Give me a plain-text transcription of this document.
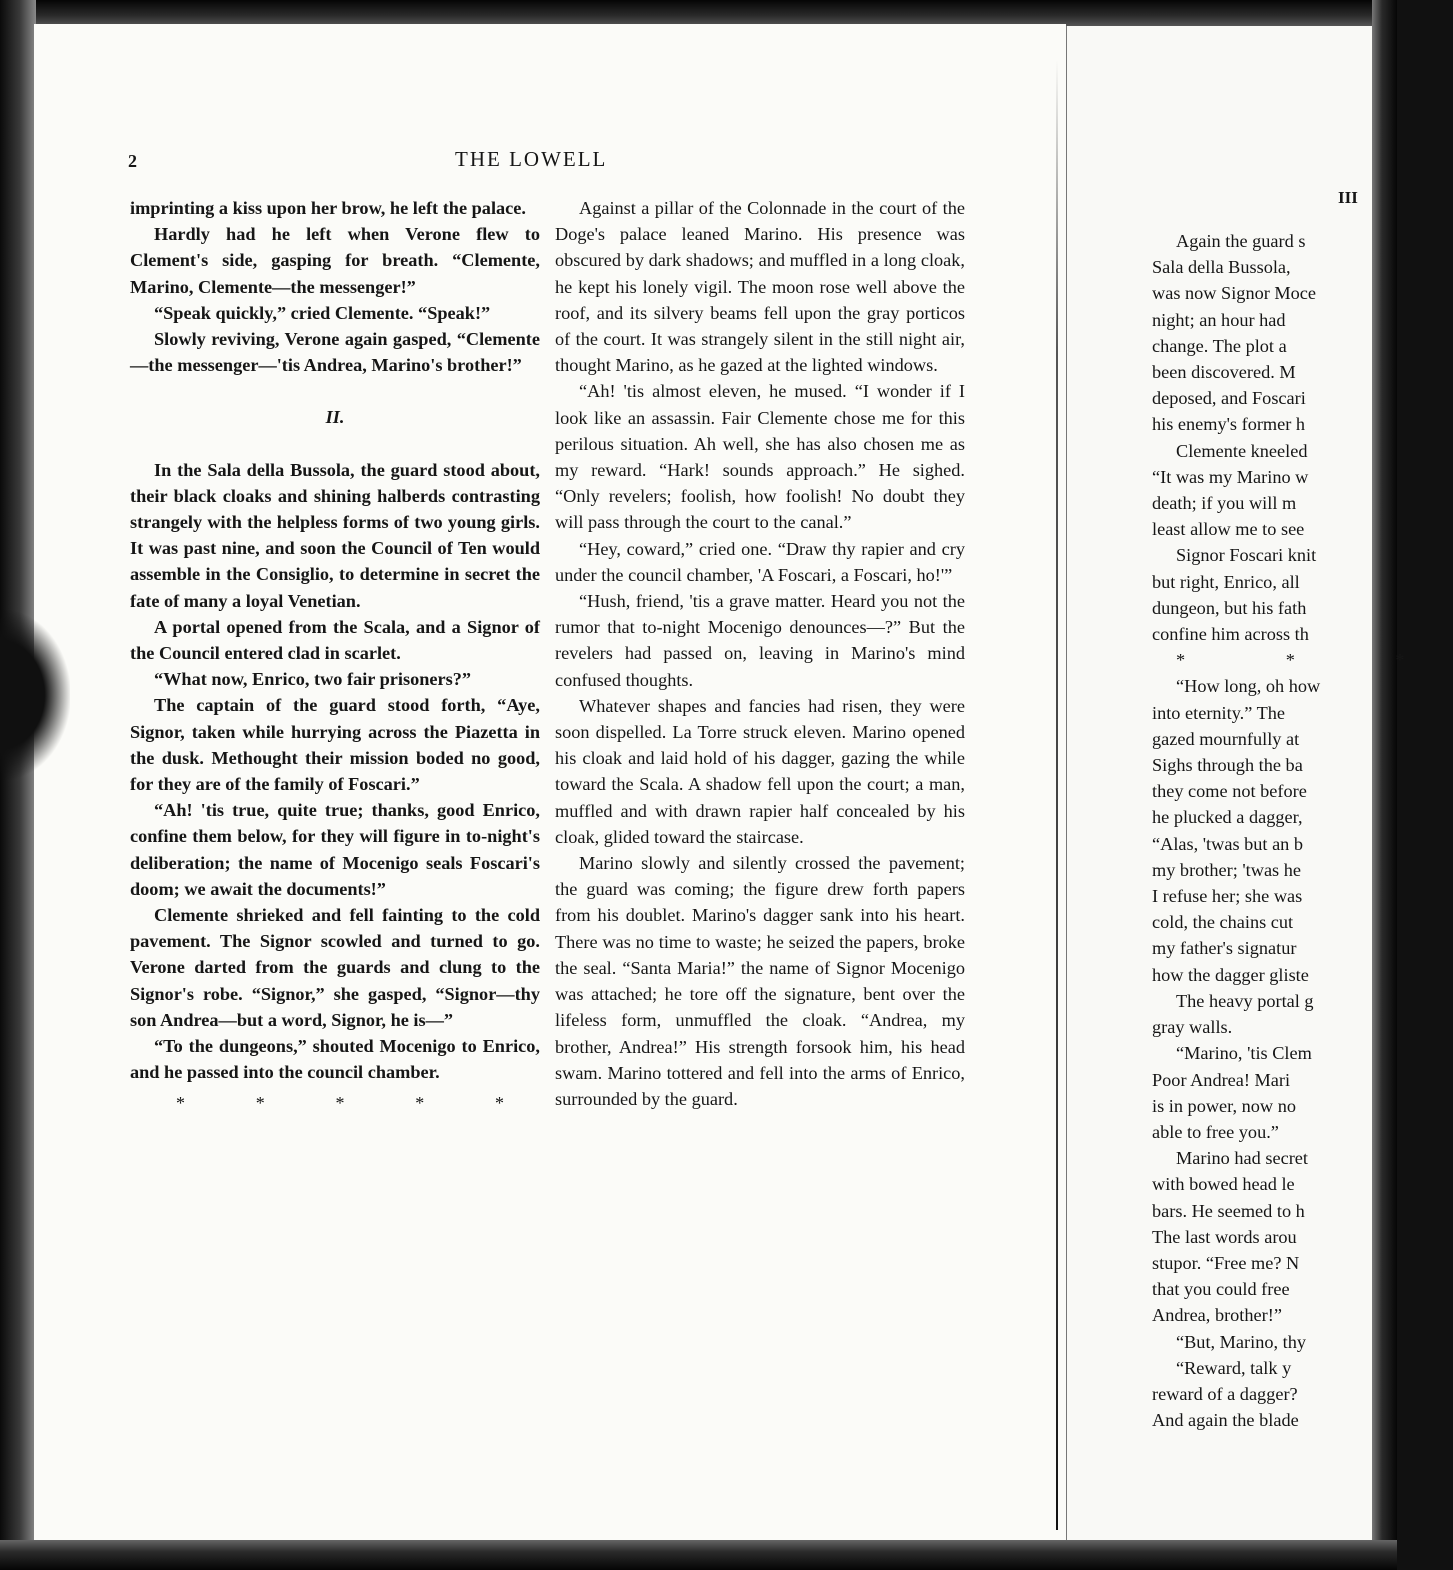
2	THE LOWELL

imprinting a kiss upon her brow, he left the palace.

Hardly had he left when Verone flew to Clement's side, gasping for breath. “Clemente, Marino, Clemente—the messenger!”

“Speak quickly,” cried Clemente. “Speak!”

Slowly reviving, Verone again gasped, “Clemente—the messenger—'tis Andrea, Marino's brother!”

II.

In the Sala della Bussola, the guard stood about, their black cloaks and shining halberds contrasting strangely with the helpless forms of two young girls. It was past nine, and soon the Council of Ten would assemble in the Consiglio, to determine in secret the fate of many a loyal Venetian.

A portal opened from the Scala, and a Signor of the Council entered clad in scarlet.

“What now, Enrico, two fair prisoners?”

The captain of the guard stood forth, “Aye, Signor, taken while hurrying across the Piazetta in the dusk. Methought their mission boded no good, for they are of the family of Foscari.”

“Ah! 'tis true, quite true; thanks, good Enrico, confine them below, for they will figure in to-night's deliberation; the name of Mocenigo seals Foscari's doom; we await the documents!”

Clemente shrieked and fell fainting to the cold pavement. The Signor scowled and turned to go. Verone darted from the guards and clung to the Signor's robe. “Signor,” she gasped, “Signor—thy son Andrea—but a word, Signor, he is—”

“To the dungeons,” shouted Mocenigo to Enrico, and he passed into the council chamber.

*	*	*	*	*

Against a pillar of the Colonnade in the court of the Doge's palace leaned Marino. His presence was obscured by dark shadows; and muffled in a long cloak, he kept his lonely vigil. The moon rose well above the roof, and its silvery beams fell upon the gray porticos of the court. It was strangely silent in the still night air, thought Marino, as he gazed at the lighted windows.

“Ah! 'tis almost eleven, he mused. “I wonder if I look like an assassin. Fair Clemente chose me for this perilous situation. Ah well, she has also chosen me as my reward. “Hark! sounds approach.” He sighed. “Only revelers; foolish, how foolish! No doubt they will pass through the court to the canal.”

“Hey, coward,” cried one. “Draw thy rapier and cry under the council chamber, 'A Foscari, a Foscari, ho!'”

“Hush, friend, 'tis a grave matter. Heard you not the rumor that to-night Mocenigo denounces—?” But the revelers had passed on, leaving in Marino's mind confused thoughts.

Whatever shapes and fancies had risen, they were soon dispelled. La Torre struck eleven. Marino opened his cloak and laid hold of his dagger, gazing the while toward the Scala. A shadow fell upon the court; a man, muffled and with drawn rapier half concealed by his cloak, glided toward the staircase.

Marino slowly and silently crossed the pavement; the guard was coming; the figure drew forth papers from his doublet. Marino's dagger sank into his heart. There was no time to waste; he seized the papers, broke the seal. “Santa Maria!” the name of Signor Mocenigo was attached; he tore off the signature, bent over the lifeless form, unmuffled the cloak. “Andrea, my brother, Andrea!” His strength forsook him, his head swam. Marino tottered and fell into the arms of Enrico, surrounded by the guard.

III

Again the guard s

Sala della Bussola,

was now Signor Moce

night; an hour had

change. The plot a

been discovered. M

deposed, and Foscari

his enemy's former h

Clemente kneeled

“It was my Marino w

death; if you will m

least allow me to see

Signor Foscari knit

but right, Enrico, all

dungeon, but his fath

confine him across th

* * *

“How long, oh how

into eternity.” The

gazed mournfully at

Sighs through the ba

they come not before

he plucked a dagger,

“Alas, 'twas but an b

my brother; 'twas he

I refuse her; she was

cold, the chains cut

my father's signatur

how the dagger gliste

The heavy portal g

gray walls.

“Marino, 'tis Clem

Poor Andrea! Mari

is in power, now no

able to free you.”

Marino had secret

with bowed head le

bars. He seemed to h

The last words arou

stupor. “Free me? N

that you could free

Andrea, brother!”

“But, Marino, thy

“Reward, talk y

reward of a dagger?

And again the blade
